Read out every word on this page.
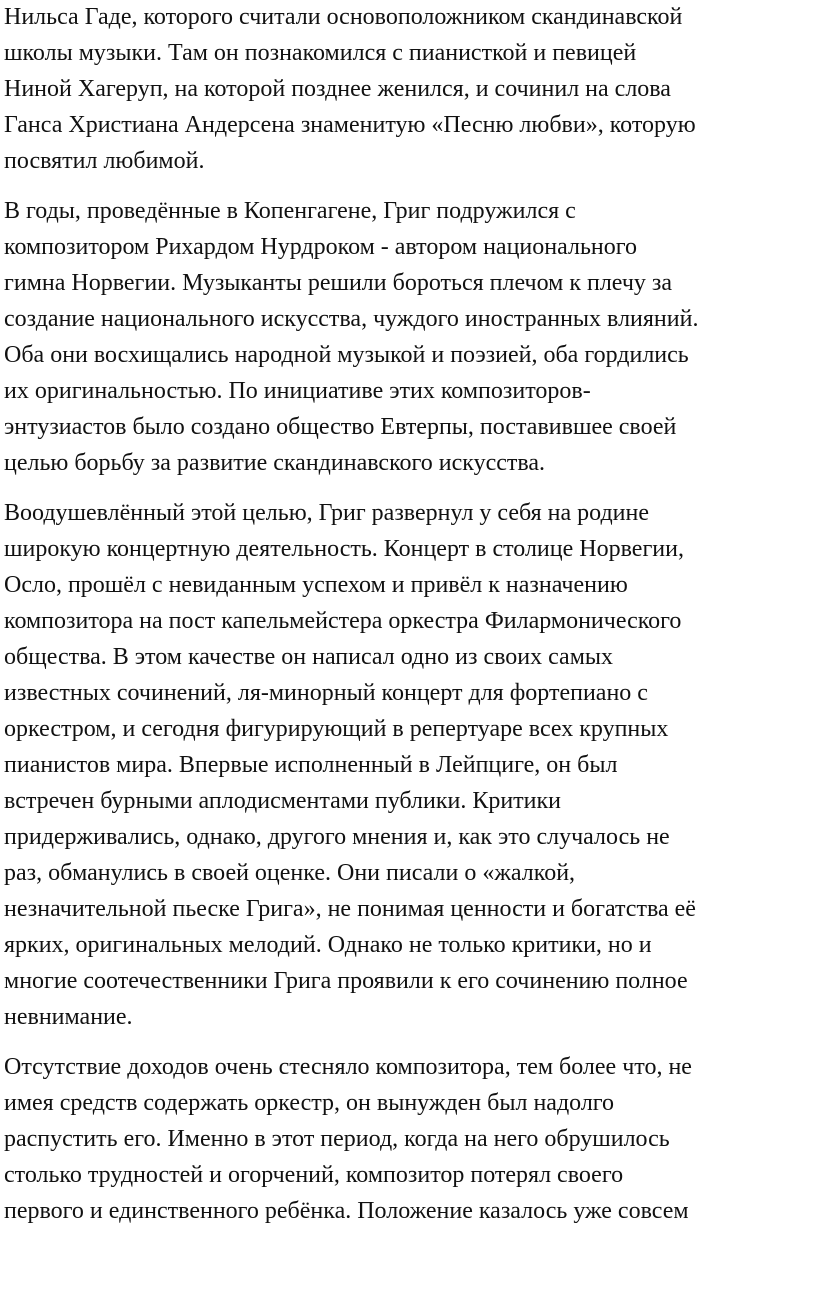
Нильса Гаде, которого считали основоположником скандинавской
школы музыки. Там он познакомился с пианисткой и певицей
Ниной Хагеруп, на которой позднее женился, и сочинил на слова
Ганса Христиана Андерсена знаменитую «Песню любви», которую
посвятил любимой.

В годы, проведённые в Копенгагене, Григ подружился с
композитором Рихардом Нурдроком - автором национального
гимна Норвегии. Музыканты решили бороться плечом к плечу за
создание национального искусства, чуждого иностранных влияний.
Оба они восхищались народной музыкой и поэзией, оба гордились
их оригинальностью. По инициативе этих композиторов-
энтузиастов было создано общество Евтерпы, поставившее своей
целью борьбу за развитие скандинавского искусства.

Воодушевлённый этой целью, Григ развернул у себя на родине
широкую концертную деятельность. Концерт в столице Норвегии,
Осло, прошёл с невиданным успехом и привёл к назначению
композитора на пост капельмейстера оркестра Филармонического
общества. В этом качестве он написал одно из своих самых
известных сочинений, ля-минорный концерт для фортепиано с
оркестром, и сегодня фигурирующий в репертуаре всех крупных
пианистов мира. Впервые исполненный в Лейпциге, он был
встречен бурными аплодисментами публики. Критики
придерживались, однако, другого мнения и, как это случалось не
раз, обманулись в своей оценке. Они писали о «жалкой,
незначительной пьеске Грига», не понимая ценности и богатства её
ярких, оригинальных мелодий. Однако не только критики, но и
многие соотечественники Грига проявили к его сочинению полное
невнимание.

Отсутствие доходов очень стесняло композитора, тем более что, не
имея средств содержать оркестр, он вынужден был надолго
распустить его. Именно в этот период, когда на него обрушилось
столько трудностей и огорчений, композитор потерял своего
первого и единственного ребёнка. Положение казалось уже совсем
